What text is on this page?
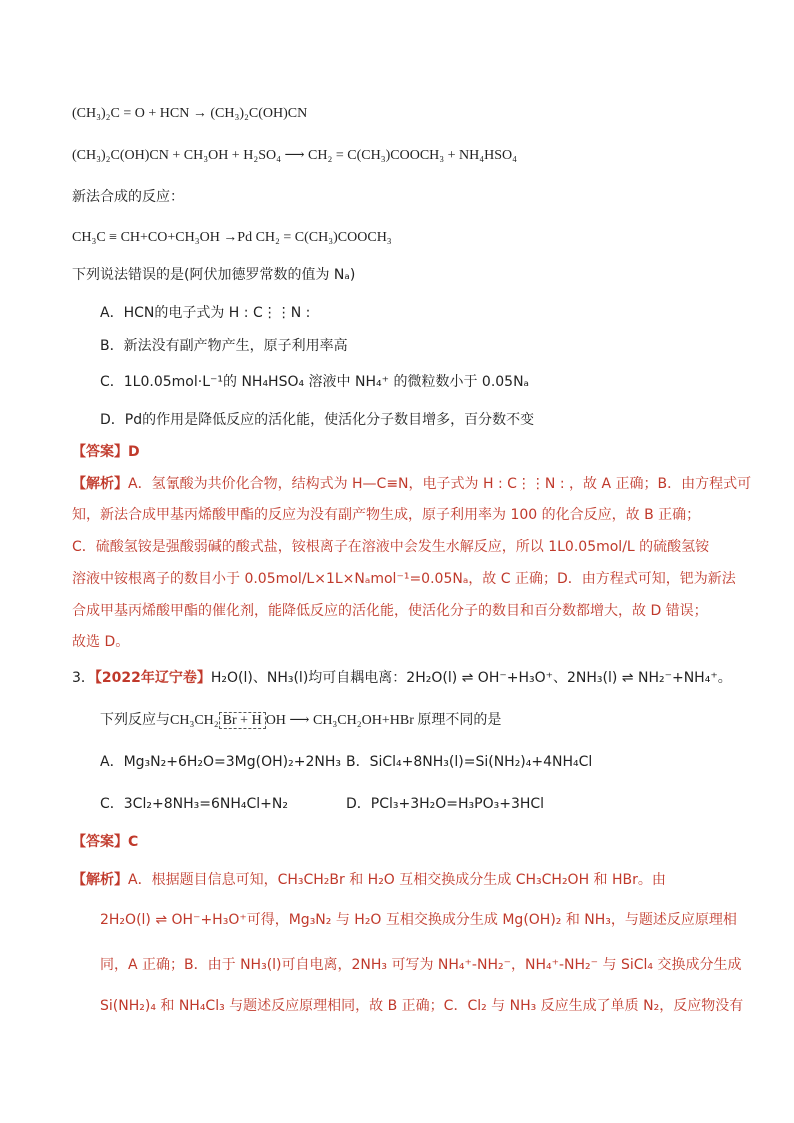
(CH₃)₂C = O + HCN → (CH₃)₂C(OH)CN
(CH₃)₂C(OH)CN + CH₃OH + H₂SO₄ ⟶ CH₂ = C(CH₃)COOCH₃ + NH₄HSO₄
新法合成的反应：
CH₃C ≡ CH+CO+CH₃OH →Pd CH₂ = C(CH₃)COOCH₃
下列说法错误的是(阿伏加德罗常数的值为 Nₐ)
A．HCN的电子式为 H : C⋮⋮N :
B．新法没有副产物产生，原子利用率高
C．1L0.05mol·L⁻¹的 NH₄HSO₄ 溶液中 NH₄⁺ 的微粒数小于 0.05Nₐ
D．Pd的作用是降低反应的活化能，使活化分子数目增多，百分数不变
【答案】D
【解析】A．氢氰酸为共价化合物，结构式为 H—C≡N，电子式为 H : C⋮⋮N : ，故 A 正确；B．由方程式可
知，新法合成甲基丙烯酸甲酯的反应为没有副产物生成，原子利用率为 100 的化合反应，故 B 正确；
C．硫酸氢铵是强酸弱碱的酸式盐，铵根离子在溶液中会发生水解反应，所以 1L0.05mol/L 的硫酸氢铵
溶液中铵根离子的数目小于 0.05mol/L×1L×Nₐmol⁻¹=0.05Nₐ，故 C 正确；D．由方程式可知，钯为新法
合成甲基丙烯酸甲酯的催化剂，能降低反应的活化能，使活化分子的数目和百分数都增大，故 D 错误；
故选 D。
3．【2022年辽宁卷】H₂O(l)、NH₃(l)均可自耦电离：2H₂O(l) ⇌ OH⁻+H₃O⁺、2NH₃(l) ⇌ NH₂⁻+NH₄⁺。
下列反应与CH₃CH₂ Br + H OH ⟶ CH₃CH₂OH+HBr 原理不同的是
A．Mg₃N₂+6H₂O=3Mg(OH)₂+2NH₃ B．SiCl₄+8NH₃(l)=Si(NH₂)₄+4NH₄Cl
C．3Cl₂+8NH₃=6NH₄Cl+N₂	D．PCl₃+3H₂O=H₃PO₃+3HCl
【答案】C
【解析】A．根据题目信息可知，CH₃CH₂Br 和 H₂O 互相交换成分生成 CH₃CH₂OH 和 HBr。由
2H₂O(l) ⇌ OH⁻+H₃O⁺可得，Mg₃N₂ 与 H₂O 互相交换成分生成 Mg(OH)₂ 和 NH₃，与题述反应原理相
同，A 正确；B．由于 NH₃(l)可自电离，2NH₃ 可写为 NH₄⁺-NH₂⁻，NH₄⁺-NH₂⁻ 与 SiCl₄ 交换成分生成
Si(NH₂)₄ 和 NH₄Cl₃ 与题述反应原理相同，故 B 正确；C．Cl₂ 与 NH₃ 反应生成了单质 N₂，反应物没有
